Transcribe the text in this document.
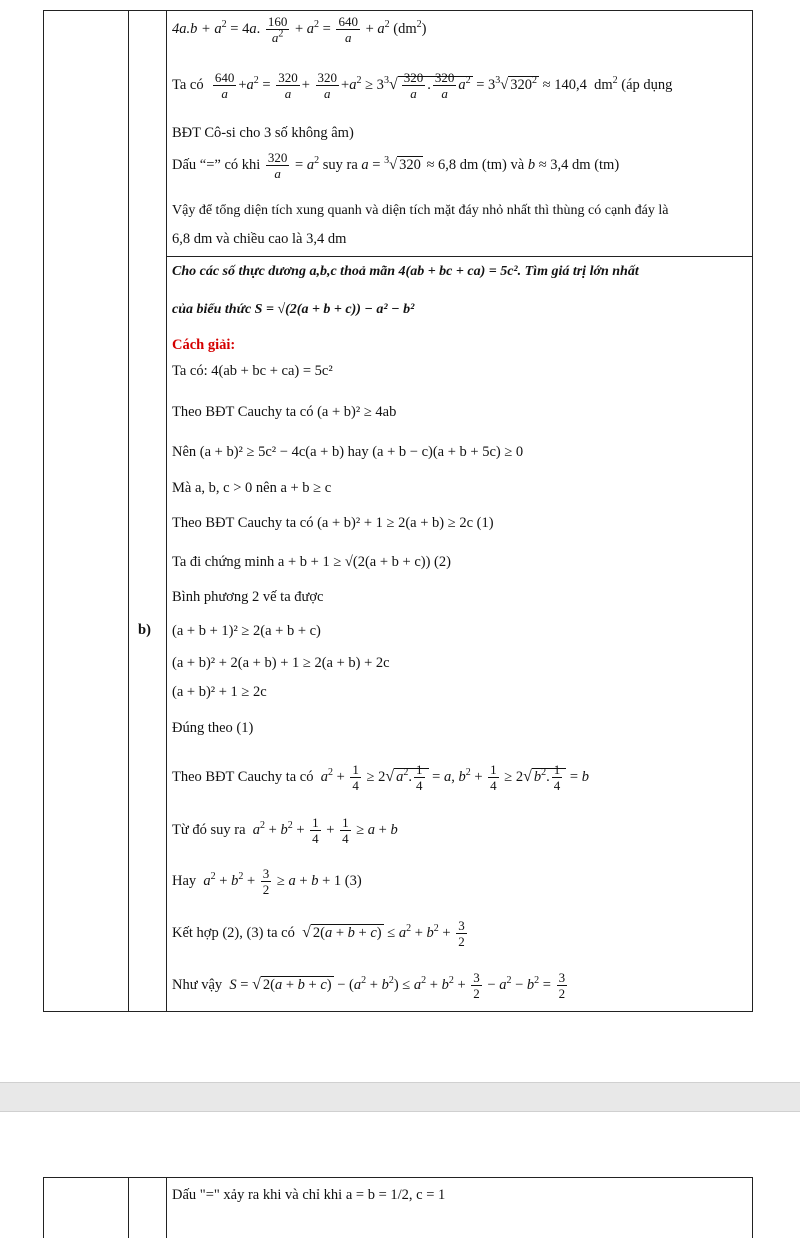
$4a.b + a^2 = 4a$. $\frac{160}{a^2} + a^2 = \frac{640}{a} + a^2$ $(dm^2)$
Ta có $\frac{640}{a} +a^2 = \frac{320}{a} + \frac{320}{a} +a^2 \ge 3^3√ \frac{320}{a}$ . $\frac{320}{a} a^2 = 3^3√$ $320^2 \approx 140,4$  $dm^2$ (áp dụng
BĐT Cô-si cho 3 số không âm)
Dấu “=” có khi $\frac{320}{a} = a^2$ suy ra a = $^3$√ 320 ≈ 6,8 dm (tm) và b ≈ 3,4 dm (tm)
Vậy để tổng diện tích xung quanh và diện tích mặt đáy nhỏ nhất thì thùng có cạnh đáy là
6,8 dm và chiều cao là 3,4 dm
b)
Cho các số thực dương a,b,c thoả mãn 4(ab + bc + ca) = 5c². Tìm giá trị lớn nhất
của biểu thức S = √(2(a + b + c)) − a² − b²
Cách giải:
Ta có: 4(ab + bc + ca) = 5c²
Theo BĐT Cauchy ta có (a + b)² ≥ 4ab
Nên (a + b)² ≥ 5c² − 4c(a + b) hay (a + b − c)(a + b + 5c) ≥ 0
Mà a, b, c > 0 nên a + b ≥ c
Theo BĐT Cauchy ta có (a + b)² + 1 ≥ 2(a + b) ≥ 2c (1)
Ta đi chứng minh a + b + 1 ≥ √(2(a + b + c)) (2)
Bình phương 2 vế ta được
(a + b + 1)² ≥ 2(a + b + c)
(a + b)² + 2(a + b) + 1 ≥ 2(a + b) + 2c
(a + b)² + 1 ≥ 2c
Đúng theo (1)
Theo BĐT Cauchy ta có $a^2 + \frac{1}{4} \ge 2√$ $a^2$. $\frac{1}{4} = a$, $b^2 + \frac{1}{4} \ge 2√$ $b^2$. $\frac{1}{4} = b$
Từ đó suy ra $a^2 + b^2 + \frac{1}{4} + \frac{1}{4} \ge a + b$
Hay $a^2 + b^2 + \frac{3}{2} \ge a + b + 1$ (3)
Kết hợp (2), (3) ta có √ $2(a + b + c) \le a^2 + b^2 + \frac{3}{2}$
Như vậy S = √ $2(a + b + c) - (a^2 + b^2) \le a^2 + b^2 + \frac{3}{2} - a^2 - b^2 = \frac{3}{2}$
Dấu "=" xảy ra khi và chỉ khi a = b = 1/2, c = 1
